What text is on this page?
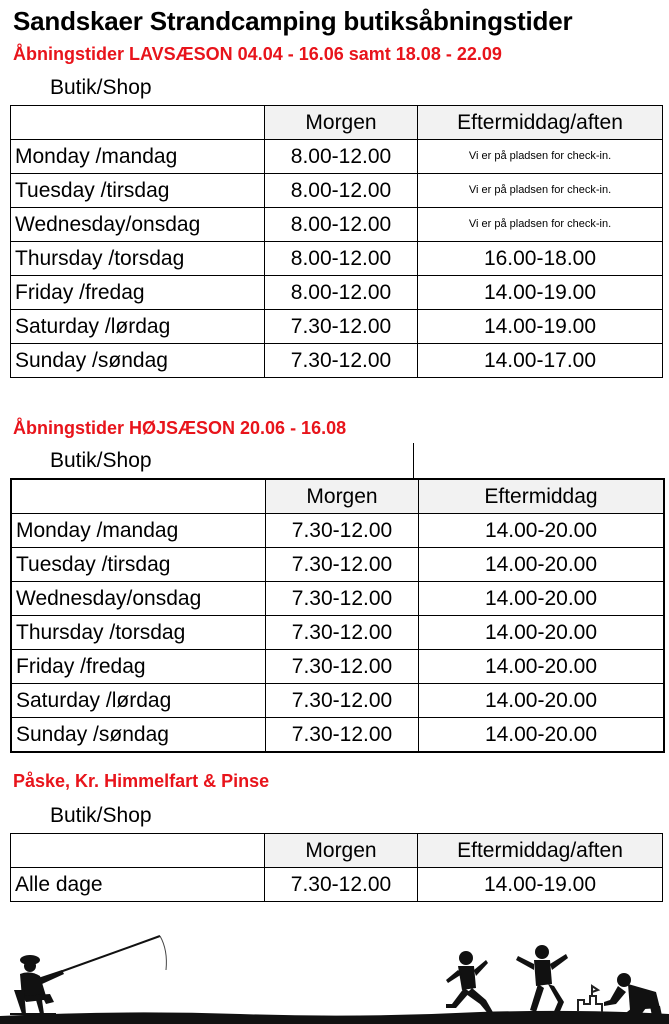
Sandskaer Strandcamping butiksåbningstider
Åbningstider LAVSÆSON 04.04 - 16.06 samt 18.08 - 22.09
Butik/Shop
	Morgen	Eftermiddag/aften
Monday /mandag	8.00-12.00	Vi er på pladsen for check-in.
Tuesday /tirsdag	8.00-12.00	Vi er på pladsen for check-in.
Wednesday/onsdag	8.00-12.00	Vi er på pladsen for check-in.
Thursday /torsdag	8.00-12.00	16.00-18.00
Friday /fredag	8.00-12.00	14.00-19.00
Saturday /lørdag	7.30-12.00	14.00-19.00
Sunday /søndag	7.30-12.00	14.00-17.00
Åbningstider HØJSÆSON 20.06 - 16.08
Butik/Shop
	Morgen	Eftermiddag
Monday /mandag	7.30-12.00	14.00-20.00
Tuesday /tirsdag	7.30-12.00	14.00-20.00
Wednesday/onsdag	7.30-12.00	14.00-20.00
Thursday /torsdag	7.30-12.00	14.00-20.00
Friday /fredag	7.30-12.00	14.00-20.00
Saturday /lørdag	7.30-12.00	14.00-20.00
Sunday /søndag	7.30-12.00	14.00-20.00
Påske, Kr. Himmelfart & Pinse
Butik/Shop
	Morgen	Eftermiddag/aften
Alle dage	7.30-12.00	14.00-19.00
